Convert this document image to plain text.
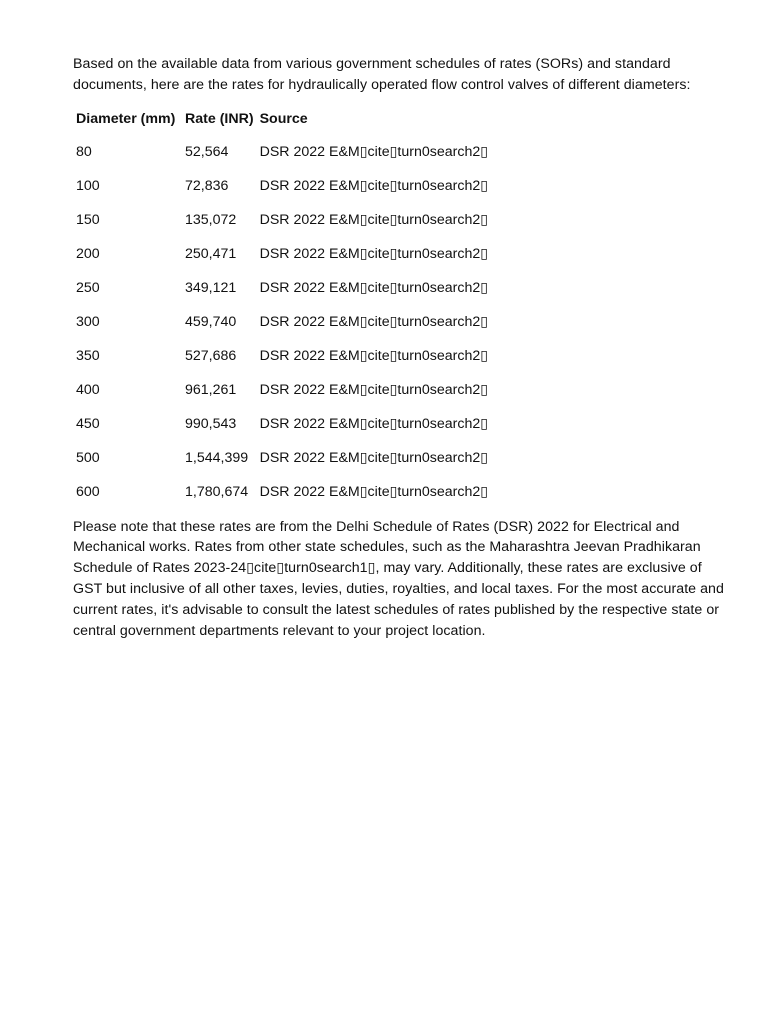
Based on the available data from various government schedules of rates (SORs) and standard documents, here are the rates for hydraulically operated flow control valves of different diameters:

Diameter (mm)	Rate (INR)	Source
80	52,564	DSR 2022 E&M▯cite▯turn0search2▯
100	72,836	DSR 2022 E&M▯cite▯turn0search2▯
150	135,072	DSR 2022 E&M▯cite▯turn0search2▯
200	250,471	DSR 2022 E&M▯cite▯turn0search2▯
250	349,121	DSR 2022 E&M▯cite▯turn0search2▯
300	459,740	DSR 2022 E&M▯cite▯turn0search2▯
350	527,686	DSR 2022 E&M▯cite▯turn0search2▯
400	961,261	DSR 2022 E&M▯cite▯turn0search2▯
450	990,543	DSR 2022 E&M▯cite▯turn0search2▯
500	1,544,399	DSR 2022 E&M▯cite▯turn0search2▯
600	1,780,674	DSR 2022 E&M▯cite▯turn0search2▯

Please note that these rates are from the Delhi Schedule of Rates (DSR) 2022 for Electrical and Mechanical works. Rates from other state schedules, such as the Maharashtra Jeevan Pradhikaran Schedule of Rates 2023-24▯cite▯turn0search1▯, may vary. Additionally, these rates are exclusive of GST but inclusive of all other taxes, levies, duties, royalties, and local taxes. For the most accurate and current rates, it's advisable to consult the latest schedules of rates published by the respective state or central government departments relevant to your project location.
